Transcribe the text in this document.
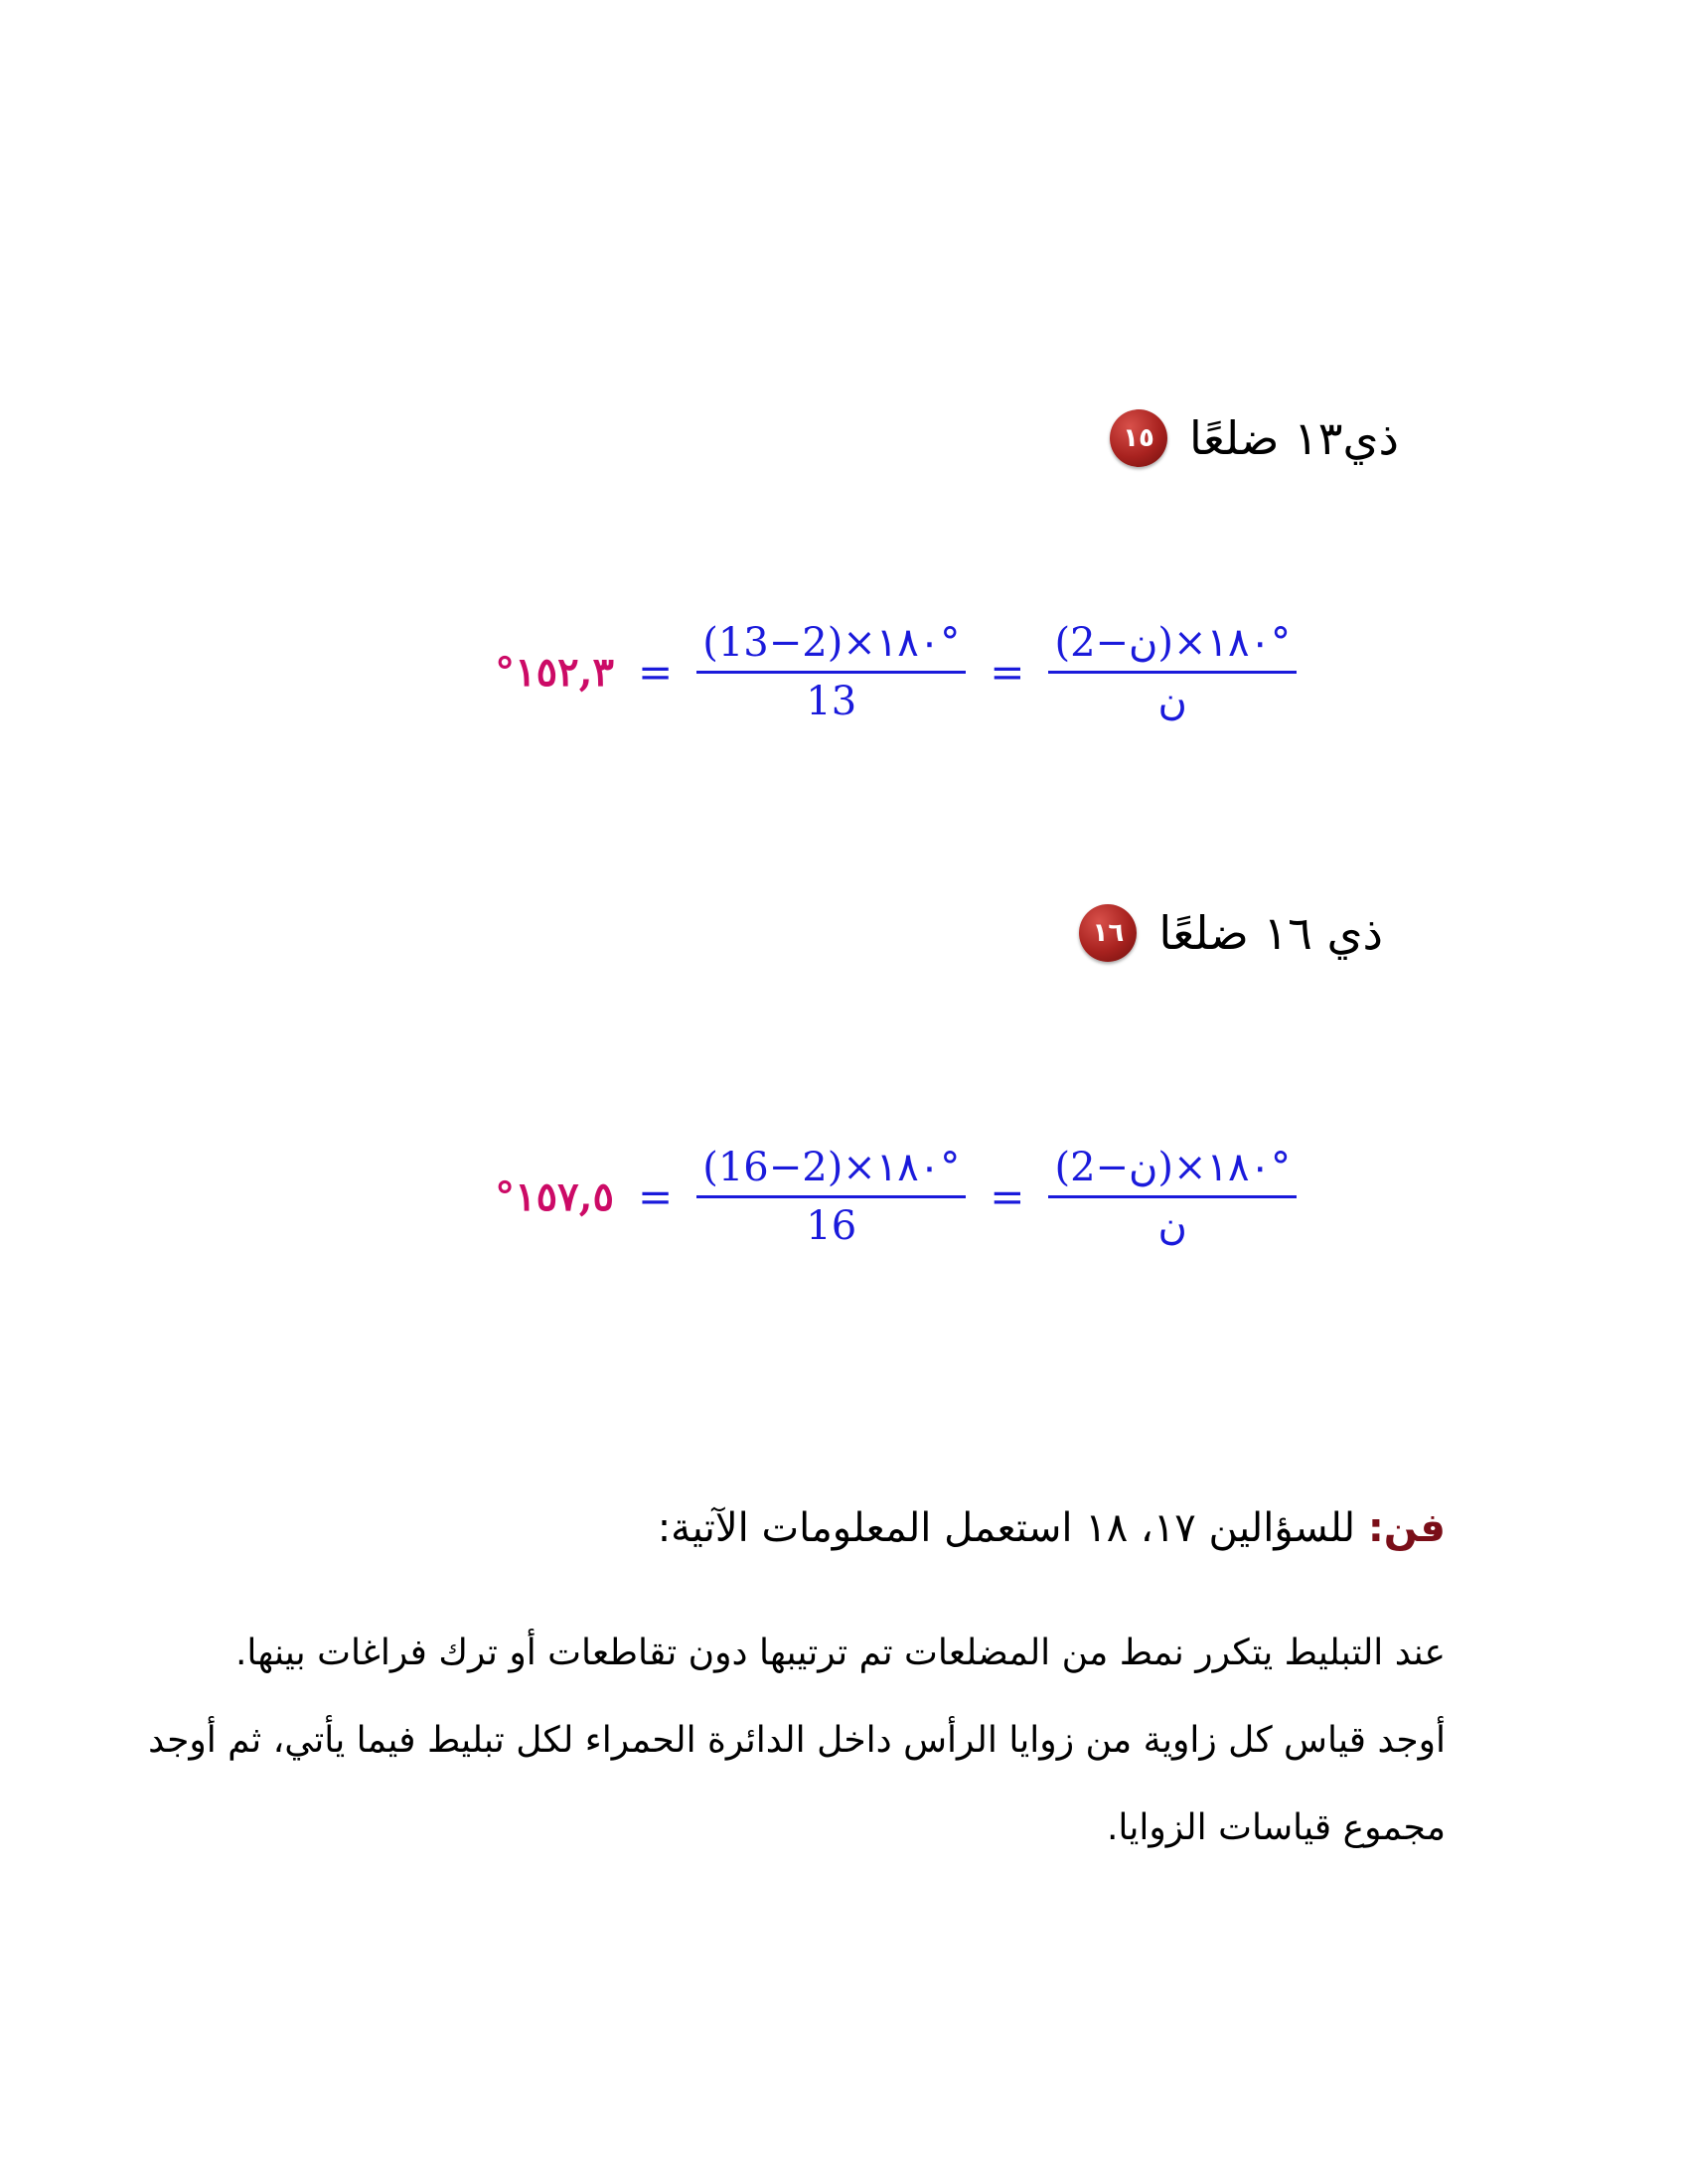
١٥ ذي١٣ ضلعًا
$\frac{\text{(ن−2)×١٨٠°}}{\text{ن}}$
=
$\frac{(13-2)\times ١٨٠^\circ}{13}$
=
١٥٢,٣°
١٦ ذي ١٦ ضلعًا
$\frac{\text{(ن−2)×١٨٠°}}{\text{ن}}$
=
$\frac{(16-2)\times ١٨٠^\circ}{16}$
=
١٥٧,٥°
فن: للسؤالين ١٧، ١٨ استعمل المعلومات الآتية:

عند التبليط يتكرر نمط من المضلعات تم ترتيبها دون تقاطعات أو ترك فراغات بينها.

أوجد قياس كل زاوية من زوايا الرأس داخل الدائرة الحمراء لكل تبليط فيما يأتي، ثم أوجد

مجموع قياسات الزوايا.
